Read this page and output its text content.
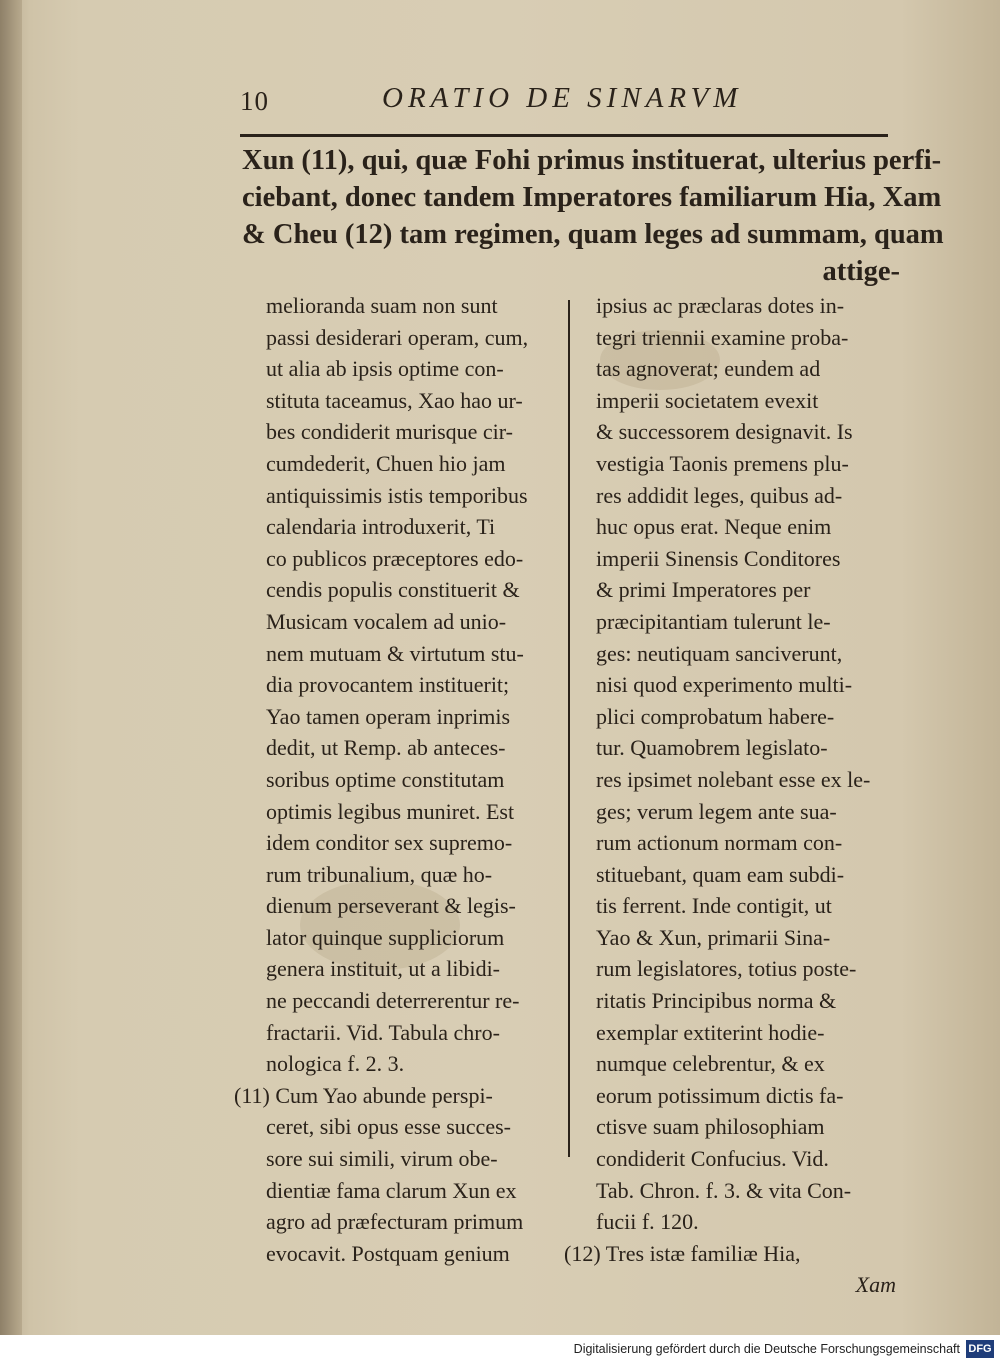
10	ORATIO DE SINARVM
Xun (11), qui, quæ Fohi primus instituerat, ulterius perfi-
ciebant, donec tandem Imperatores familiarum Hia, Xam
& Cheu (12) tam regimen, quam leges ad summam, quam
attige-
melioranda suam non sunt
passi desiderari operam, cum,
ut alia ab ipsis optime con-
stituta taceamus, Xao hao ur-
bes condiderit murisque cir-
cumdederit, Chuen hio jam
antiquissimis istis temporibus
calendaria introduxerit, Ti
co publicos præceptores edo-
cendis populis constituerit &
Musicam vocalem ad unio-
nem mutuam & virtutum stu-
dia provocantem instituerit;
Yao tamen operam inprimis
dedit, ut Remp. ab anteces-
soribus optime constitutam
optimis legibus muniret. Est
idem conditor sex supremo-
rum tribunalium, quæ ho-
dienum perseverant & legis-
lator quinque suppliciorum
genera instituit, ut a libidi-
ne peccandi deterrerentur re-
fractarii. Vid. Tabula chro-
nologica f. 2. 3.
(11) Cum Yao abunde perspi-
ceret, sibi opus esse succes-
sore sui simili, virum obe-
dientiæ fama clarum Xun ex
agro ad præfecturam primum
evocavit. Postquam genium
ipsius ac præclaras dotes in-
tegri triennii examine proba-
tas agnoverat; eundem ad
imperii societatem evexit
& successorem designavit. Is
vestigia Taonis premens plu-
res addidit leges, quibus ad-
huc opus erat. Neque enim
imperii Sinensis Conditores
& primi Imperatores per
præcipitantiam tulerunt le-
ges: neutiquam sanciverunt,
nisi quod experimento multi-
plici comprobatum habere-
tur. Quamobrem legislato-
res ipsimet nolebant esse ex le-
ges; verum legem ante sua-
rum actionum normam con-
stituebant, quam eam subdi-
tis ferrent. Inde contigit, ut
Yao & Xun, primarii Sina-
rum legislatores, totius poste-
ritatis Principibus norma &
exemplar extiterint hodie-
numque celebrentur, & ex
eorum potissimum dictis fa-
ctisve suam philosophiam
condiderit Confucius. Vid.
Tab. Chron. f. 3. & vita Con-
fucii f. 120.
(12) Tres istæ familiæ Hia,
Xam
Digitalisierung gefördert durch die Deutsche Forschungsgemeinschaft DFG
